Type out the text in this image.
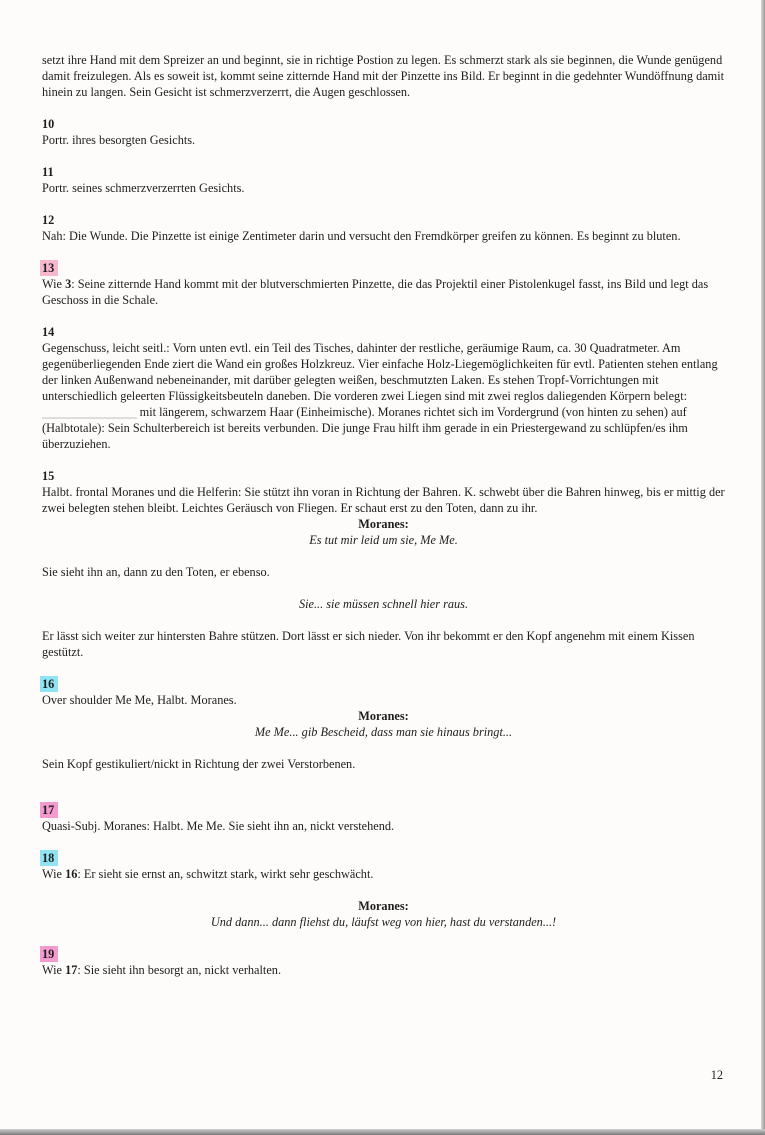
setzt ihre Hand mit dem Spreizer an und beginnt, sie in richtige Postion zu legen. Es schmerzt stark als sie beginnen, die Wunde genügend damit freizulegen. Als es soweit ist, kommt seine zitternde Hand mit der Pinzette ins Bild. Er beginnt in die gedehnter Wundöffnung damit hinein zu langen. Sein Gesicht ist schmerzverzerrt, die Augen geschlossen.

10
Portr. ihres besorgten Gesichts.
11
Portr. seines schmerzverzerrten Gesichts.
12
Nah: Die Wunde. Die Pinzette ist einige Zentimeter darin und versucht den Fremdkörper greifen zu können. Es beginnt zu bluten.
13
Wie 3: Seine zitternde Hand kommt mit der blutverschmierten Pinzette, die das Projektil einer Pistolenkugel fasst, ins Bild und legt das Geschoss in die Schale.
14
Gegenschuss, leicht seitl.: Vorn unten evtl. ein Teil des Tisches, dahinter der restliche, geräumige Raum, ca. 30 Quadratmeter. Am gegenüberliegenden Ende ziert die Wand ein großes Holzkreuz. Vier einfache Holz-Liegemöglichkeiten für evtl. Patienten stehen entlang der linken Außenwand nebeneinander, mit darüber gelegten weißen, beschmutzten Laken. Es stehen Tropf-Vorrichtungen mit unterschiedlich geleerten Flüssigkeitsbeuteln daneben. Die vorderen zwei Liegen sind mit zwei reglos daliegenden Körpern belegt: ▁▁▁▁▁▁▁▁▁▁ mit längerem, schwarzem Haar (Einheimische). Moranes richtet sich im Vordergrund (von hinten zu sehen) auf (Halbtotale): Sein Schulterbereich ist bereits verbunden. Die junge Frau hilft ihm gerade in ein Priestergewand zu schlüpfen/es ihm überzuziehen.
15
Halbt. frontal Moranes und die Helferin: Sie stützt ihn voran in Richtung der Bahren. K. schwebt über die Bahren hinweg, bis er mittig der zwei belegten stehen bleibt. Leichtes Geräusch von Fliegen. Er schaut erst zu den Toten, dann zu ihr.

Moranes:

Es tut mir leid um sie, Me Me.

Sie sieht ihn an, dann zu den Toten, er ebenso.

Sie... sie müssen schnell hier raus.

Er lässt sich weiter zur hintersten Bahre stützen. Dort lässt er sich nieder. Von ihr bekommt er den Kopf angenehm mit einem Kissen gestützt.

16
Over shoulder Me Me, Halbt. Moranes.

Moranes:

Me Me... gib Bescheid, dass man sie hinaus bringt...

Sein Kopf gestikuliert/nickt in Richtung der zwei Verstorbenen.

17
Quasi-Subj. Moranes: Halbt. Me Me. Sie sieht ihn an, nickt verstehend.
18
Wie 16: Er sieht sie ernst an, schwitzt stark, wirkt sehr geschwächt.

Moranes:

Und dann... dann fliehst du, läufst weg von hier, hast du verstanden...!

19
Wie 17: Sie sieht ihn besorgt an, nickt verhalten.
12
